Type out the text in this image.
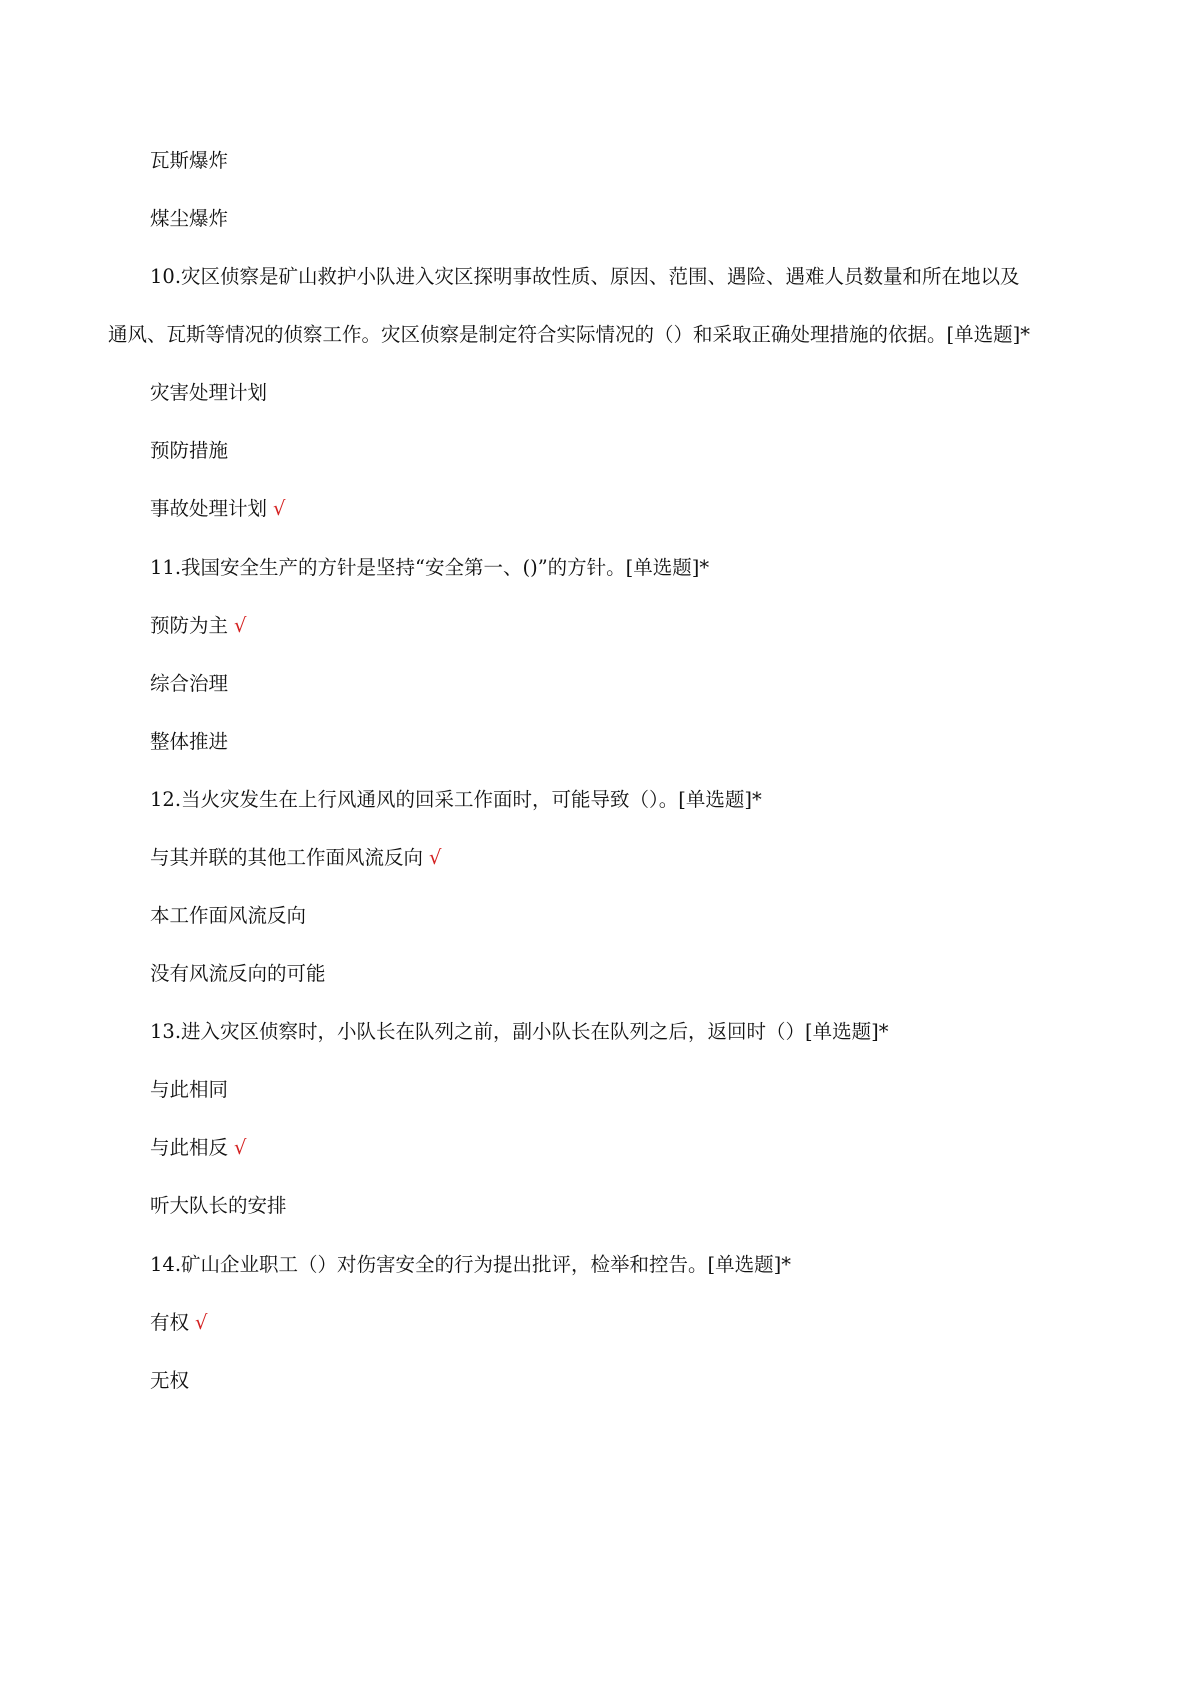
瓦斯爆炸
煤尘爆炸
10.灾区侦察是矿山救护小队进入灾区探明事故性质、原因、范围、遇险、遇难人员数量和所在地以及
通风、瓦斯等情况的侦察工作。灾区侦察是制定符合实际情况的（）和采取正确处理措施的依据。[单选题]*
灾害处理计划
预防措施
事故处理计划 √
11.我国安全生产的方针是坚持“安全第一、()”的方针。[单选题]*
预防为主 √
综合治理
整体推进
12.当火灾发生在上行风通风的回采工作面时，可能导致（）。[单选题]*
与其并联的其他工作面风流反向 √
本工作面风流反向
没有风流反向的可能
13.进入灾区侦察时，小队长在队列之前，副小队长在队列之后，返回时（）[单选题]*
与此相同
与此相反 √
听大队长的安排
14.矿山企业职工（）对伤害安全的行为提出批评，检举和控告。[单选题]*
有权 √
无权
